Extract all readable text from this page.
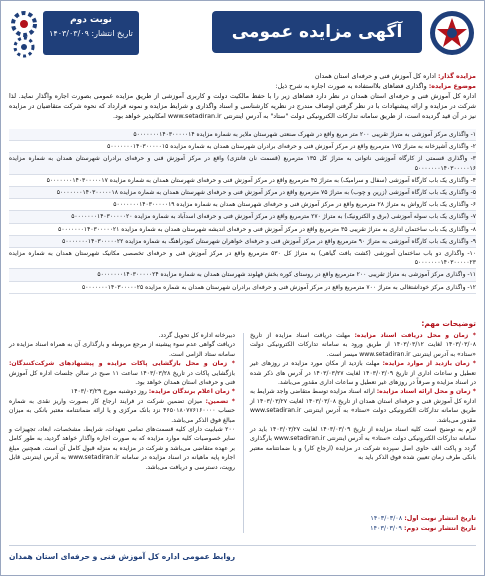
آگهی مزایده عمومی (اجاره)
نوبت دوم
تاریخ انتشار: ۱۴۰۳/۰۳/۰۹
مزایده گذار: اداره کل آموزش فنی و حرفه‌ای استان همدان
موضوع مزایده: واگذاری فضاهای بلااستفاده به صورت اجاره به شرح ذیل:
اداره کل آموزش فنی و حرفه‌ای استان همدان در نظر دارد فضاهای زیر را با حفظ مالکیت دولت و کاربری آموزشی از طریق مزایده عمومی بصورت اجاره واگذار نماید. لذا شرکت در مزایده و ارائه پیشنهادات با در نظر گرفتن اوصاف مندرج در نظریه کارشناسی و اسناد واگذاری و شرایط مزایده و نمونه قرارداد که نحوه شرکت متقاضیان در مزایده نیز در آن قید گردیده است، از طریق سامانه تدارکات الکترونیکی دولت "ستاد" به آدرس اینترنتی www.setadiran.ir امکانپذیر خواهد بود.
۱- واگذاری مرکز آموزشی به متراژ تقریبی ۲۰۰ متر مربع واقع در شهرک صنعتی شهرستان ملایر به شماره مزایده ۵۰۰۰۰۰۰۰۱۴۰۳۰۰۰۰۰۱۴
۲- واگذاری آشپزخانه به متراژ ۱۷۵ مترمربع واقع در مرکز آموزش فنی و حرفه‌ای برادران شهرستان همدان به شماره مزایده ۵۰۰۰۰۰۰۰۱۴۰۳۰۰۰۰۰۱۵
۳- واگذاری قسمتی از کارگاه آموزشی ناتوانی به متراژ کل ۱۳۵ مترمربع (قسمت نان فانتزی) واقع در مرکز آموزش فنی و حرفه‌ای برادران شهرستان همدان به شماره مزایده ۵۰۰۰۰۰۰۰۱۴۰۳۰۰۰۰۰۱۶
۴- واگذاری یک باب کارگاه آموزشی (سفال و سرامیک) به متراژ ۴۵ مترمربع واقع در مرکز آموزش فنی و حرفه‌ای شهرستان همدان به شماره مزایده ۵۰۰۰۰۰۰۰۱۴۰۳۰۰۰۰۰۱۷
۵- واگذاری یک باب کارگاه آموزشی (زرین و چوب) به متراژ ۷۵ مترمربع واقع در مرکز آموزش فنی و حرفه‌ای شهرستان همدان به شماره مزایده ۵۰۰۰۰۰۰۰۱۴۰۳۰۰۰۰۰۱۸
۶- واگذاری یک باب کارواش به متراژ ۲۸ مترمربع واقع در مرکز آموزش فنی و حرفه‌ای شهرستان همدان به شماره مزایده ۵۰۰۰۰۰۰۰۱۴۰۳۰۰۰۰۰۱۹
۷- واگذاری یک باب سوله آموزشی (برق و الکترونیک) به متراژ ۲۷۰ مترمربع واقع در مرکز آموزش فنی و حرفه‌ای اسدآباد به شماره مزایده ۵۰۰۰۰۰۰۰۱۴۰۳۰۰۰۰۰۲۰
۸- واگذاری یک باب ساختمان اداری به متراژ تقریبی ۳۵ مترمربع واقع در مرکز آموزش فنی و حرفه‌ای اندیشه شهرستان همدان به شماره مزایده ۵۰۰۰۰۰۰۰۱۴۰۳۰۰۰۰۰۲۱
۹- واگذاری یک باب کارگاه آموزشی به متراژ ۹۰ مترمربع واقع در مرکز آموزش فنی و حرفه‌ای خواهران شهرستان کبودراهنگ به شماره مزایده ۵۰۰۰۰۰۰۰۱۴۰۳۰۰۰۰۰۲۲
۱۰- واگذاری دو باب ساختمان آموزشی (کشت بافت گیاهی) به متراژ کل ۵۳۰ مترمربع واقع در مرکز آموزش فنی و حرفه‌ای تخصصی مکانیک شهرستان همدان به شماره مزایده ۵۰۰۰۰۰۰۰۱۴۰۳۰۰۰۰۰۲۳
۱۱- واگذاری مرکز آموزشی به متراژ تقریبی ۲۰۰ مترمربع واقع در روستای کوره بخش فهلوند شهرستان همدان به شماره مزایده ۵۰۰۰۰۰۰۰۱۴۰۳۰۰۰۰۰۲۴
۱۲- واگذاری مرکز خوداشتغالی به متراژ ۷۰۰ مترمربع واقع در مرکز آموزش فنی و حرفه‌ای برادران شهرستان همدان به شماره مزایده ۵۰۰۰۰۰۰۰۱۴۰۳۰۰۰۰۰۲۵
توضیحات مهم:
* زمان و محل دریافت اسناد مزایده: مهلت دریافت اسناد مزایده از تاریخ ۱۴۰۳/۰۳/۰۸ لغایت ۱۴۰۳/۰۳/۱۲ از طریق ورود به سامانه تدارکات الکترونیکی دولت «ستاد» به آدرس اینترنتی www.setadiran.ir میسر است.
* زمان بازدید از موارد مزایده: مهلت بازدید از مکان مورد مزایده در روزهای غیر تعطیل و ساعات اداری از تاریخ ۱۴۰۳/۰۳/۰۹ لغایت ۱۴۰۳/۰۳/۲۷ در آدرس های ذکر شده در اسناد مزایده و صرفاً در روزهای غیر تعطیل و ساعات اداری مقدور می‌باشد.
* زمان و محل ارائه اسناد مزایده: ارائه اسناد مزایده توسط متقاضی واجد شرایط به اداره کل آموزش فنی و حرفه‌ای استان همدان از تاریخ ۱۴۰۳/۰۳/۰۸ لغایت ۱۴۰۳/۰۳/۲۷ از طریق سامانه تدارکات الکترونیکی دولت «ستاد» به آدرس اینترنتی www.setadiran.ir مقدور می‌باشد.
لازم به توضیح است کلیه اسناد مزایده از تاریخ ۱۴۰۳/۰۳/۰۹ لغایت ۱۴۰۳/۰۳/۲۷ باید در سامانه تدارکات الکترونیکی دولت «ستاد» به آدرس اینترنتی www.setadiran.ir بارگذاری گردد و پاکت الف حاوی اصل سپرده شرکت در مزایده (ارجاع کار) و یا ضمانتنامه معتبر بانکی طرف زمان تعیین شده فوق الذکر باید به
دبیرخانه اداره کل تحویل گردد.
دریافت گواهی عدم سوء پیشینه از مرجع مربوطه و بارگذاری آن به همراه اسناد مزایده در سامانه ستاد الزامی است.
* زمان و محل بازگشایی پاکات مزایده و پیشنهادهای شرکت‌کنندگان: بازگشایی پاکات در تاریخ ۱۴۰۳/۰۳/۲۸ ساعت ۱۱ صبح در سالن جلسات اداره کل آموزش فنی و حرفه‌ای استان همدان خواهد بود.
* زمان اعلام برندگان مزایده: روز دوشنبه مورخ ۱۴۰۳/۰۳/۲۹
* تضمین: میزان تضمین شرکت در فرایند ارجاع کار بصورت واریز نقدی به شماره حساب ۴۶۵۰۱۸۰۷۷۶۱۶۰۰۰۰ نزد بانک مرکزی و یا ارائه ضمانتنامه معتبر بانکی به میزان مبالغ فوق الذکر می‌باشد.
۲۰۰ شبابیت دارای کلیه قسمت‌های تمامی تعهدات، شرایط، مشخصات، ابعاد، تجهیزات و سایر خصوصیات کلیه موارد مزایده که به صورت اجاره واگذار خواهد گردید، به طور کامل بر عهده متقاضی می‌باشد و شرکت در مزایده به منزله قبول کامل آن است. همچنین مبلغ اجاره پایه ماهیانه در اسناد مزایده در سامانه www.setadiran.ir به آدرس اینترنتی قابل رویت، دسترسی و دریافت می‌باشد.
تاریخ انتشار نوبت اول: ۱۴۰۳/۰۳/۰۸
تاریخ انتشار نوبت دوم: ۱۴۰۳/۰۳/۰۹
روابط عمومی اداره کل آموزش فنی و حرفه‌ای استان همدان
